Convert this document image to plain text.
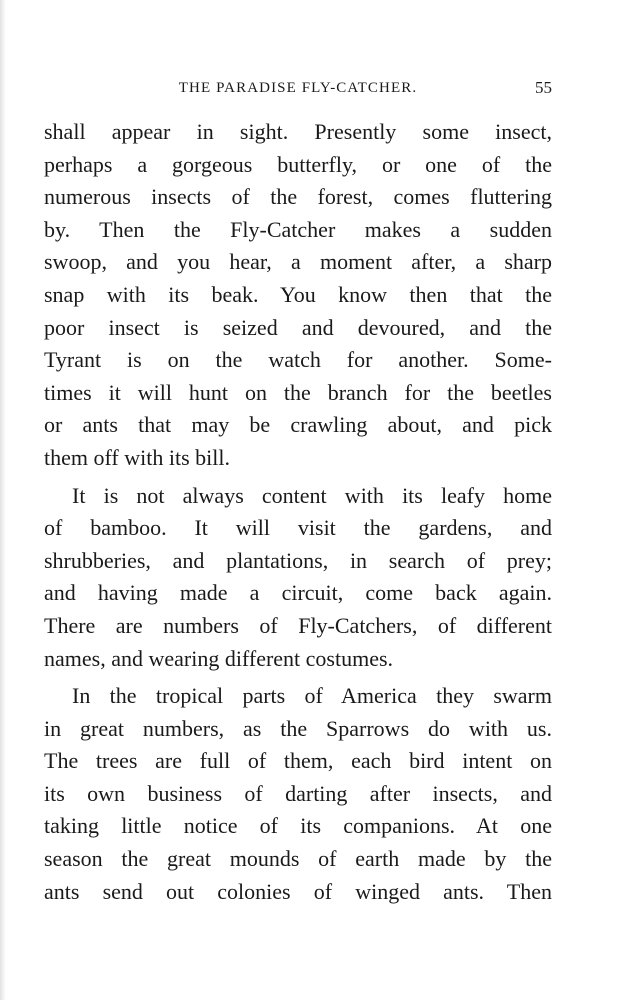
THE PARADISE FLY-CATCHER.	55

shall appear in sight. Presently some insect,
perhaps a gorgeous butterfly, or one of the
numerous insects of the forest, comes fluttering
by. Then the Fly-Catcher makes a sudden
swoop, and you hear, a moment after, a sharp
snap with its beak. You know then that the
poor insect is seized and devoured, and the
Tyrant is on the watch for another. Some-
times it will hunt on the branch for the beetles
or ants that may be crawling about, and pick
them off with its bill.

It is not always content with its leafy home
of bamboo. It will visit the gardens, and
shrubberies, and plantations, in search of prey;
and having made a circuit, come back again.
There are numbers of Fly-Catchers, of different
names, and wearing different costumes.

In the tropical parts of America they swarm
in great numbers, as the Sparrows do with us.
The trees are full of them, each bird intent on
its own business of darting after insects, and
taking little notice of its companions. At one
season the great mounds of earth made by the
ants send out colonies of winged ants. Then
